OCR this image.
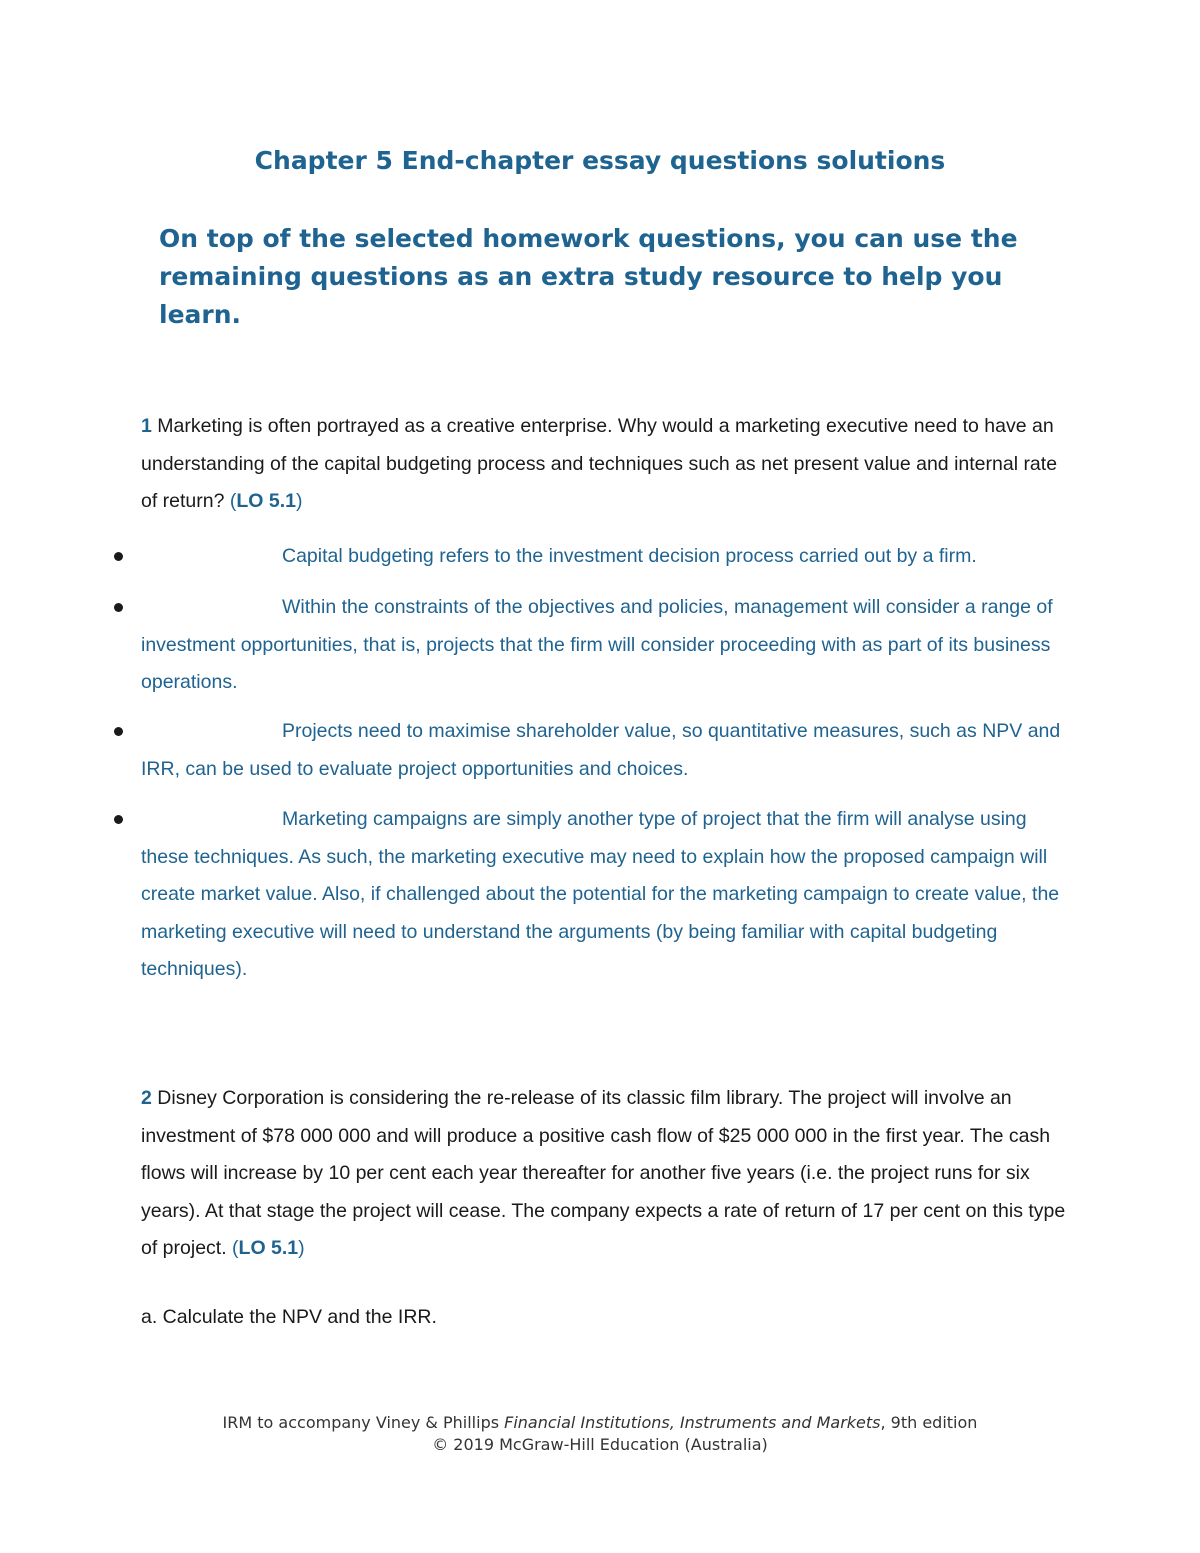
Chapter 5 End-chapter essay questions solutions

On top of the selected homework questions, you can use the remaining questions as an extra study resource to help you learn.

1 Marketing is often portrayed as a creative enterprise. Why would a marketing executive need to have an understanding of the capital budgeting process and techniques such as net present value and internal rate of return? (LO 5.1)

Capital budgeting refers to the investment decision process carried out by a firm.

Within the constraints of the objectives and policies, management will consider a range of investment opportunities, that is, projects that the firm will consider proceeding with as part of its business operations.

Projects need to maximise shareholder value, so quantitative measures, such as NPV and IRR, can be used to evaluate project opportunities and choices.

Marketing campaigns are simply another type of project that the firm will analyse using these techniques. As such, the marketing executive may need to explain how the proposed campaign will create market value. Also, if challenged about the potential for the marketing campaign to create value, the marketing executive will need to understand the arguments (by being familiar with capital budgeting techniques).

2 Disney Corporation is considering the re-release of its classic film library. The project will involve an investment of $78 000 000 and will produce a positive cash flow of $25 000 000 in the first year. The cash flows will increase by 10 per cent each year thereafter for another five years (i.e. the project runs for six years). At that stage the project will cease. The company expects a rate of return of 17 per cent on this type of project. (LO 5.1)

a. Calculate the NPV and the IRR.

IRM to accompany Viney & Phillips Financial Institutions, Instruments and Markets, 9th edition
© 2019 McGraw-Hill Education (Australia)
